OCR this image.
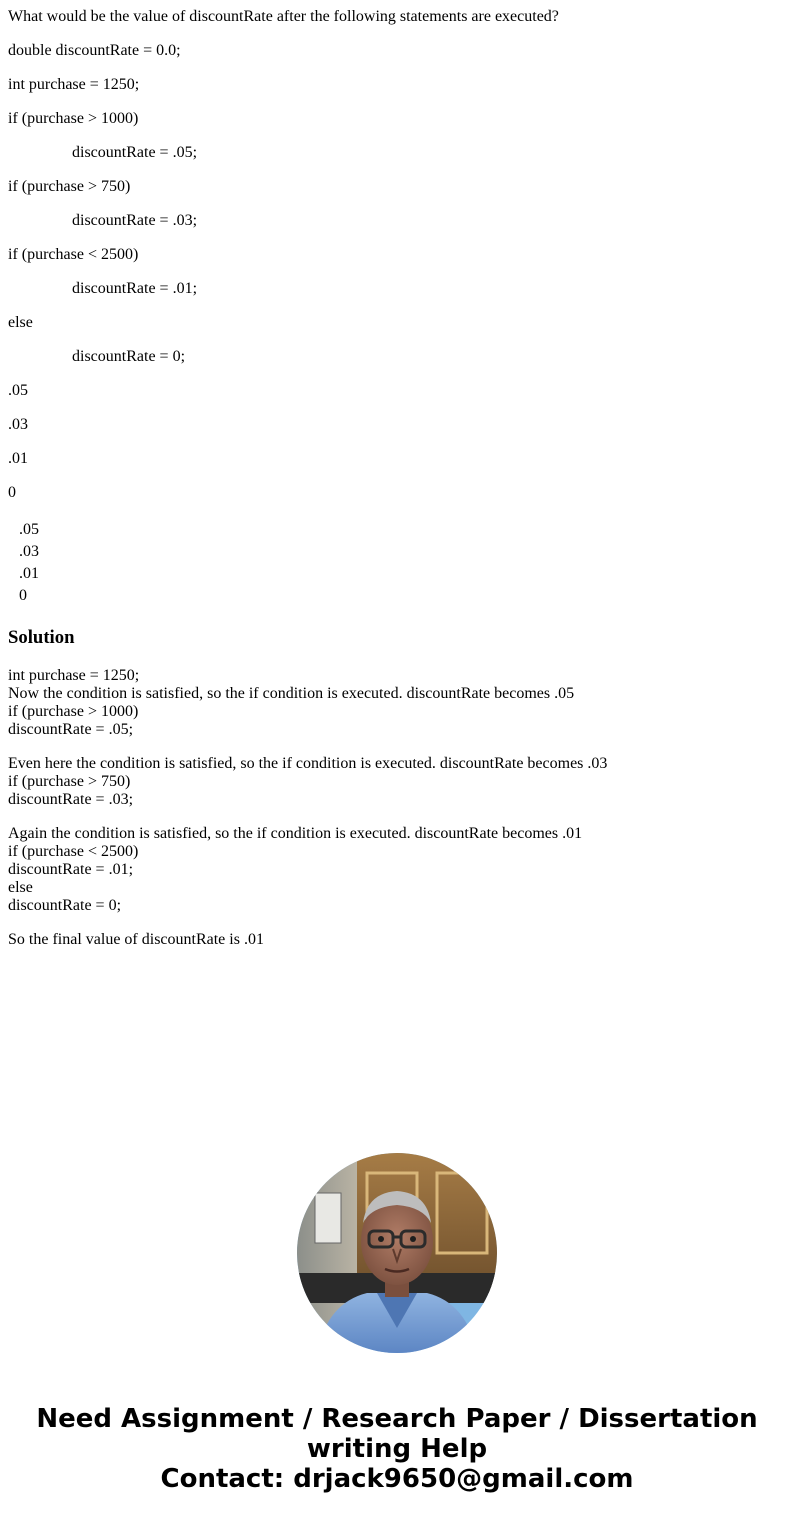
What would be the value of discountRate after the following statements are executed?

double discountRate = 0.0;

int purchase = 1250;

if (purchase > 1000)

discountRate = .05;

if (purchase > 750)

discountRate = .03;

if (purchase < 2500)

discountRate = .01;

else

discountRate = 0;

.05

.03

.01

0

.05
.03
.01
0
Solution
int purchase = 1250;
Now the condition is satisfied, so the if condition is executed. discountRate becomes .05
if (purchase > 1000)
discountRate = .05;
Even here the condition is satisfied, so the if condition is executed. discountRate becomes .03
if (purchase > 750)
discountRate = .03;
Again the condition is satisfied, so the if condition is executed. discountRate becomes .01
if (purchase < 2500)
discountRate = .01;
else
discountRate = 0;
So the final value of discountRate is .01
Need Assignment / Research Paper / Dissertation
writing Help
Contact: drjack9650@gmail.com
